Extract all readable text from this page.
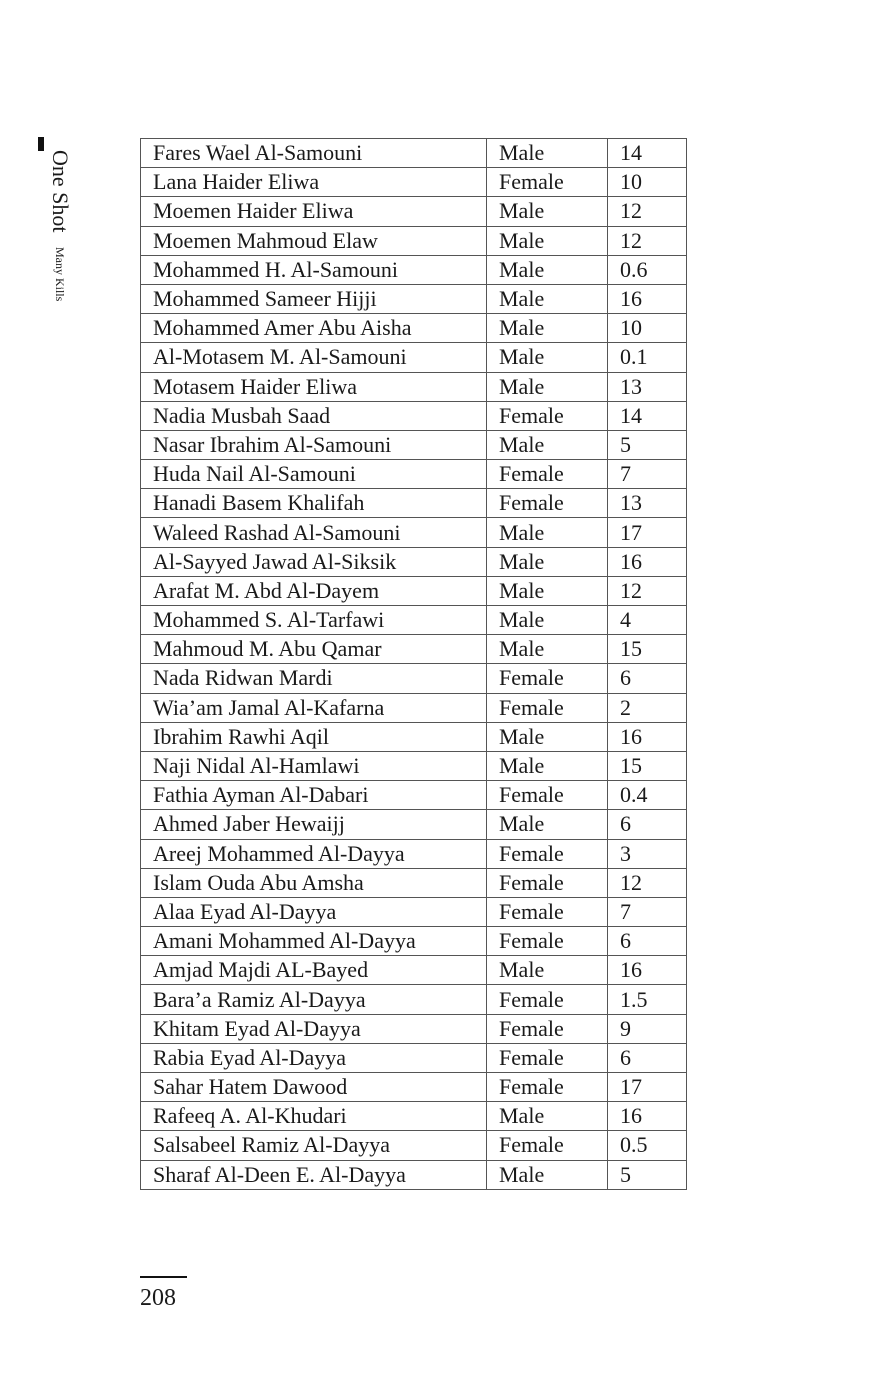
One Shot
Many Kills
Fares Wael Al-Samouni	Male	14
Lana Haider Eliwa	Female	10
Moemen Haider Eliwa	Male	12
Moemen Mahmoud Elaw	Male	12
Mohammed H. Al-Samouni	Male	0.6
Mohammed Sameer Hijji	Male	16
Mohammed Amer Abu Aisha	Male	10
Al-Motasem M. Al-Samouni	Male	0.1
Motasem Haider Eliwa	Male	13
Nadia Musbah Saad	Female	14
Nasar Ibrahim Al-Samouni	Male	5
Huda Nail Al-Samouni	Female	7
Hanadi Basem Khalifah	Female	13
Waleed Rashad Al-Samouni	Male	17
Al-Sayyed Jawad Al-Siksik	Male	16
Arafat M. Abd Al-Dayem	Male	12
Mohammed S. Al-Tarfawi	Male	4
Mahmoud M. Abu Qamar	Male	15
Nada Ridwan Mardi	Female	6
Wia’am Jamal Al-Kafarna	Female	2
Ibrahim Rawhi Aqil	Male	16
Naji Nidal Al-Hamlawi	Male	15
Fathia Ayman Al-Dabari	Female	0.4
Ahmed Jaber Hewaijj	Male	6
Areej Mohammed Al-Dayya	Female	3
Islam Ouda Abu Amsha	Female	12
Alaa Eyad Al-Dayya	Female	7
Amani Mohammed Al-Dayya	Female	6
Amjad Majdi AL-Bayed	Male	16
Bara’a Ramiz Al-Dayya	Female	1.5
Khitam Eyad Al-Dayya	Female	9
Rabia Eyad Al-Dayya	Female	6
Sahar Hatem Dawood	Female	17
Rafeeq A. Al-Khudari	Male	16
Salsabeel Ramiz Al-Dayya	Female	0.5
Sharaf Al-Deen E. Al-Dayya	Male	5
208
